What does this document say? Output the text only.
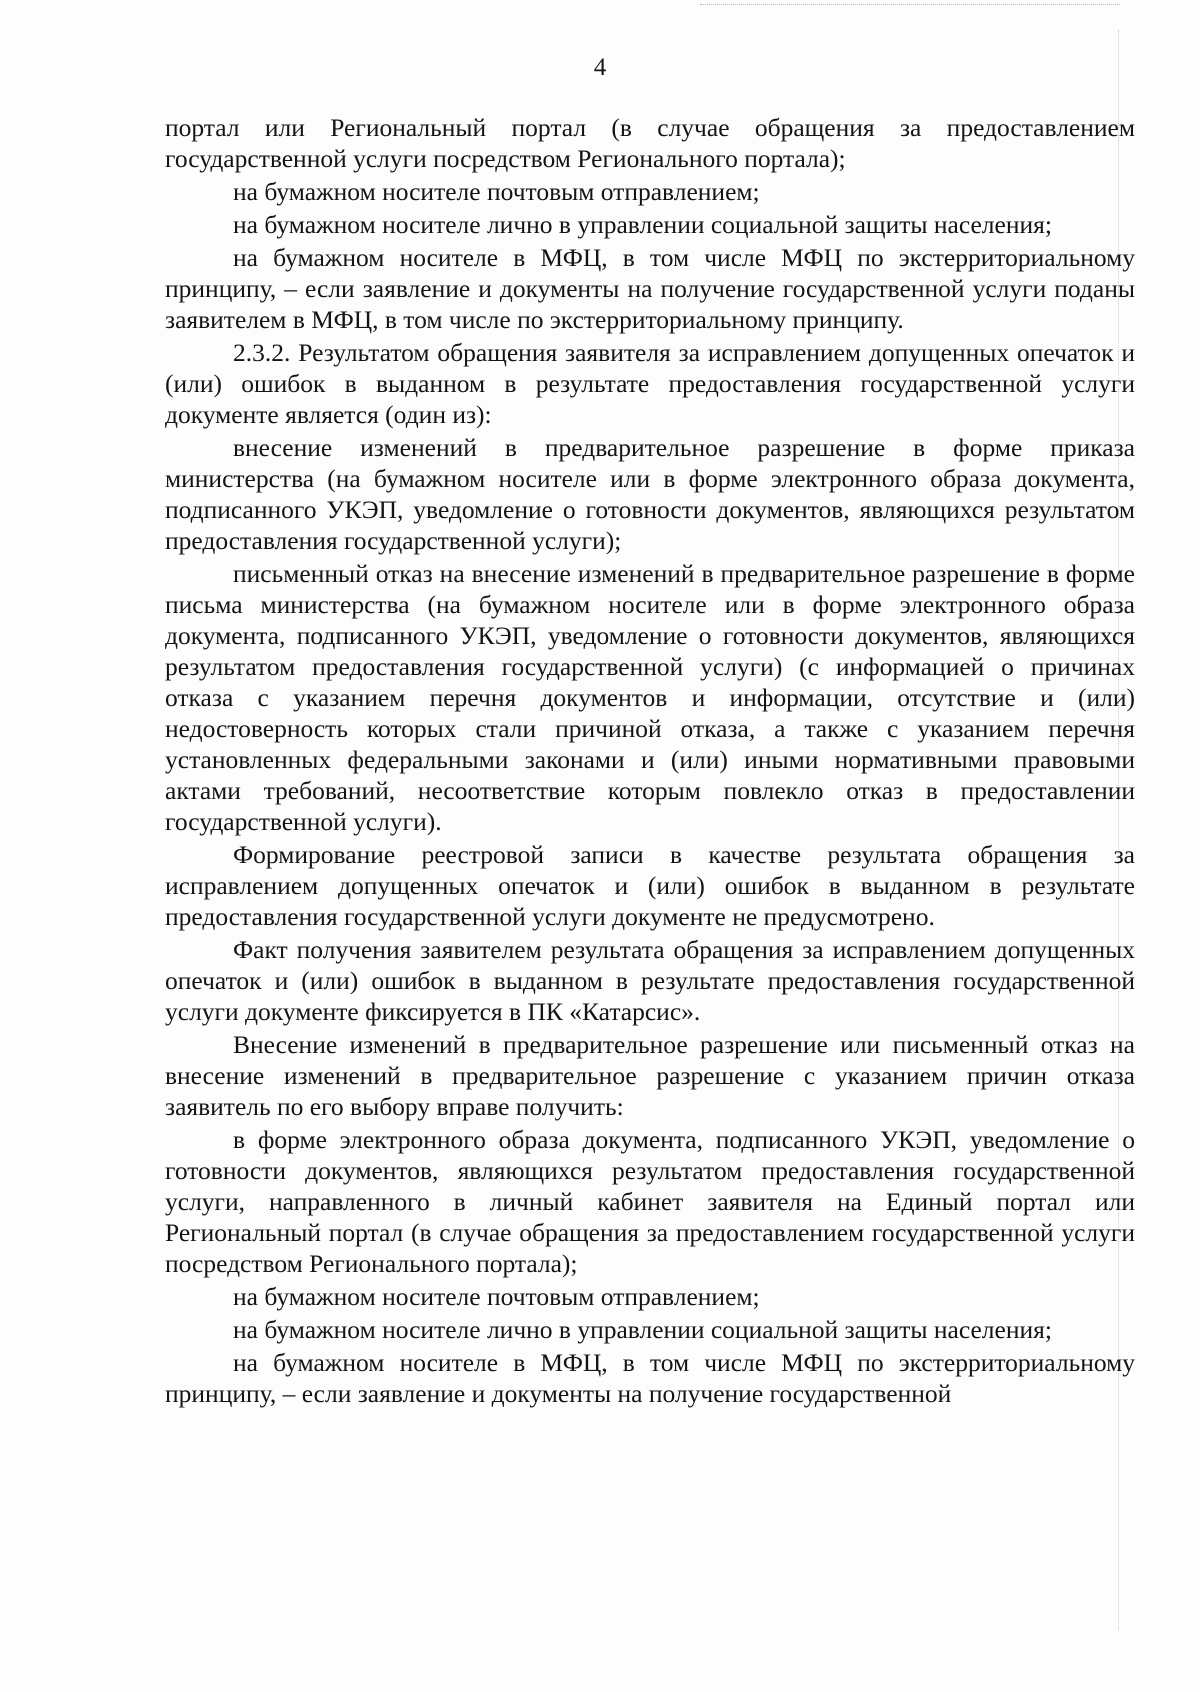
4

портал или Региональный портал (в случае обращения за предоставлением государственной услуги посредством Регионального портала);

на бумажном носителе почтовым отправлением;

на бумажном носителе лично в управлении социальной защиты населения;

на бумажном носителе в МФЦ, в том числе МФЦ по экстерриториальному принципу, – если заявление и документы на получение государственной услуги поданы заявителем в МФЦ, в том числе по экстерриториальному принципу.

2.3.2. Результатом обращения заявителя за исправлением допущенных опечаток и (или) ошибок в выданном в результате предоставления государственной услуги документе является (один из):

внесение изменений в предварительное разрешение в форме приказа министерства (на бумажном носителе или в форме электронного образа документа, подписанного УКЭП, уведомление о готовности документов, являющихся результатом предоставления государственной услуги);

письменный отказ на внесение изменений в предварительное разрешение в форме письма министерства (на бумажном носителе или в форме электронного образа документа, подписанного УКЭП, уведомление о готовности документов, являющихся результатом предоставления государственной услуги) (с информацией о причинах отказа с указанием перечня документов и информации, отсутствие и (или) недостоверность которых стали причиной отказа, а также с указанием перечня установленных федеральными законами и (или) иными нормативными правовыми актами требований, несоответствие которым повлекло отказ в предоставлении государственной услуги).

Формирование реестровой записи в качестве результата обращения за исправлением допущенных опечаток и (или) ошибок в выданном в результате предоставления государственной услуги документе не предусмотрено.

Факт получения заявителем результата обращения за исправлением допущенных опечаток и (или) ошибок в выданном в результате предоставления государственной услуги документе фиксируется в ПК «Катарсис».

Внесение изменений в предварительное разрешение или письменный отказ на внесение изменений в предварительное разрешение с указанием причин отказа заявитель по его выбору вправе получить:

в форме электронного образа документа, подписанного УКЭП, уведомление о готовности документов, являющихся результатом предоставления государственной услуги, направленного в личный кабинет заявителя на Единый портал или Региональный портал (в случае обращения за предоставлением государственной услуги посредством Регионального портала);

на бумажном носителе почтовым отправлением;

на бумажном носителе лично в управлении социальной защиты населения;

на бумажном носителе в МФЦ, в том числе МФЦ по экстерриториальному принципу, – если заявление и документы на получение государственной
